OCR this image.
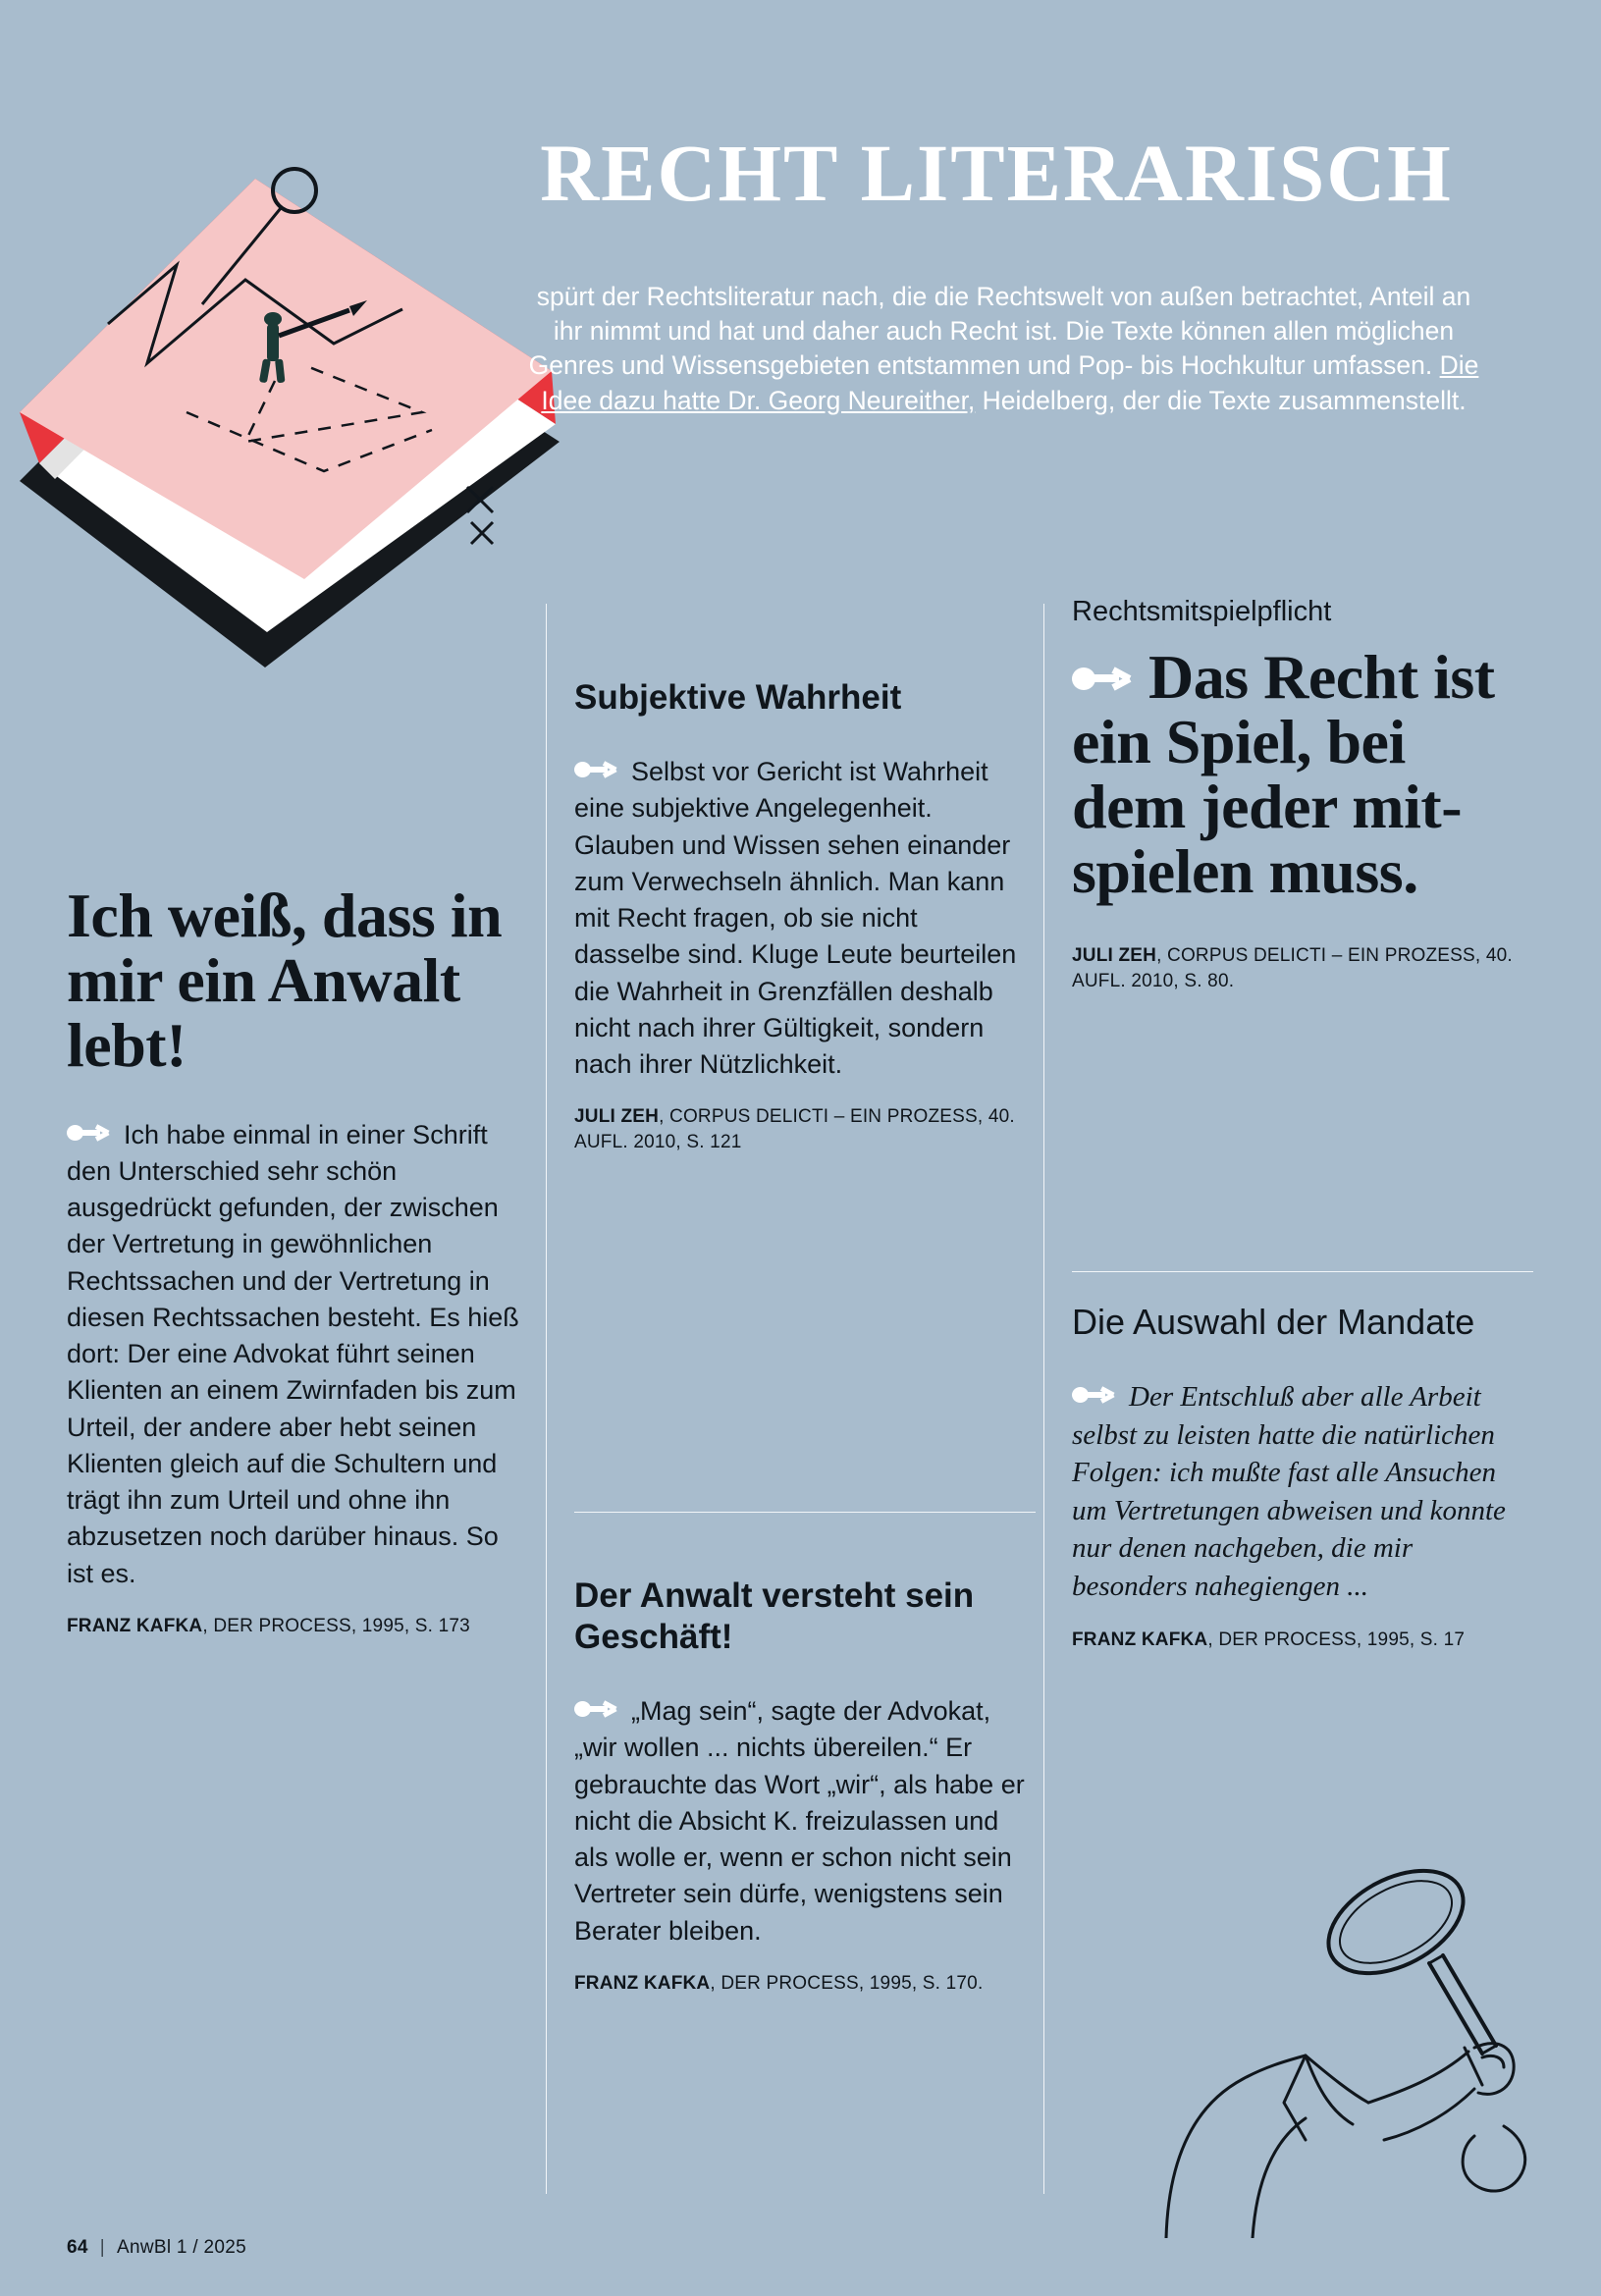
RECHT LITERARISCH
spürt der Rechtsliteratur nach, die die Rechtswelt von außen betrachtet, Anteil an ihr nimmt und hat und daher auch Recht ist. Die Texte können allen möglichen Genres und Wissensgebieten entstammen und Pop- bis Hochkultur umfassen. Die Idee dazu hatte Dr. Georg Neureither, Heidelberg, der die Texte zusammenstellt.
Ich weiß, dass in mir ein Anwalt lebt!

Ich habe einmal in einer Schrift den Unterschied sehr schön ausgedrückt gefunden, der zwischen der Vertretung in gewöhnlichen Rechtssachen und der Vertretung in diesen Rechtssachen besteht. Es hieß dort: Der eine Advokat führt seinen Klienten an einem Zwirnfaden bis zum Urteil, der andere aber hebt seinen Klienten gleich auf die Schultern und trägt ihn zum Urteil und ohne ihn abzusetzen noch darüber hinaus. So ist es.

FRANZ KAFKA, DER PROCESS, 1995, S. 173

Subjektive Wahrheit

Selbst vor Gericht ist Wahrheit eine subjektive Angelegenheit. Glauben und Wissen sehen einander zum Verwechseln ähnlich. Man kann mit Recht fragen, ob sie nicht dasselbe sind. Kluge Leute beurteilen die Wahrheit in Grenzfällen deshalb nicht nach ihrer Gültigkeit, sondern nach ihrer Nützlichkeit.

JULI ZEH, CORPUS DELICTI – EIN PROZESS, 40. AUFL. 2010, S. 121

Der Anwalt versteht sein Geschäft!

„Mag sein“, sagte der Advokat, „wir wollen ... nichts übereilen.“ Er gebrauchte das Wort „wir“, als habe er nicht die Absicht K. freizulassen und als wolle er, wenn er schon nicht sein Vertreter sein dürfe, wenigstens sein Berater bleiben.

FRANZ KAFKA, DER PROCESS, 1995, S. 170.

Rechtsmitspielpflicht
Das Recht ist ein Spiel, bei dem jeder mit- spielen muss.

JULI ZEH, CORPUS DELICTI – EIN PROZESS, 40. AUFL. 2010, S. 80.

Die Auswahl der Mandate

Der Entschluß aber alle Arbeit selbst zu leisten hatte die natürlichen Folgen: ich mußte fast alle Ansuchen um Vertretungen abweisen und konnte nur denen nachgeben, die mir besonders nahegiengen ...

FRANZ KAFKA, DER PROCESS, 1995, S. 17

64 | AnwBl 1 / 2025
